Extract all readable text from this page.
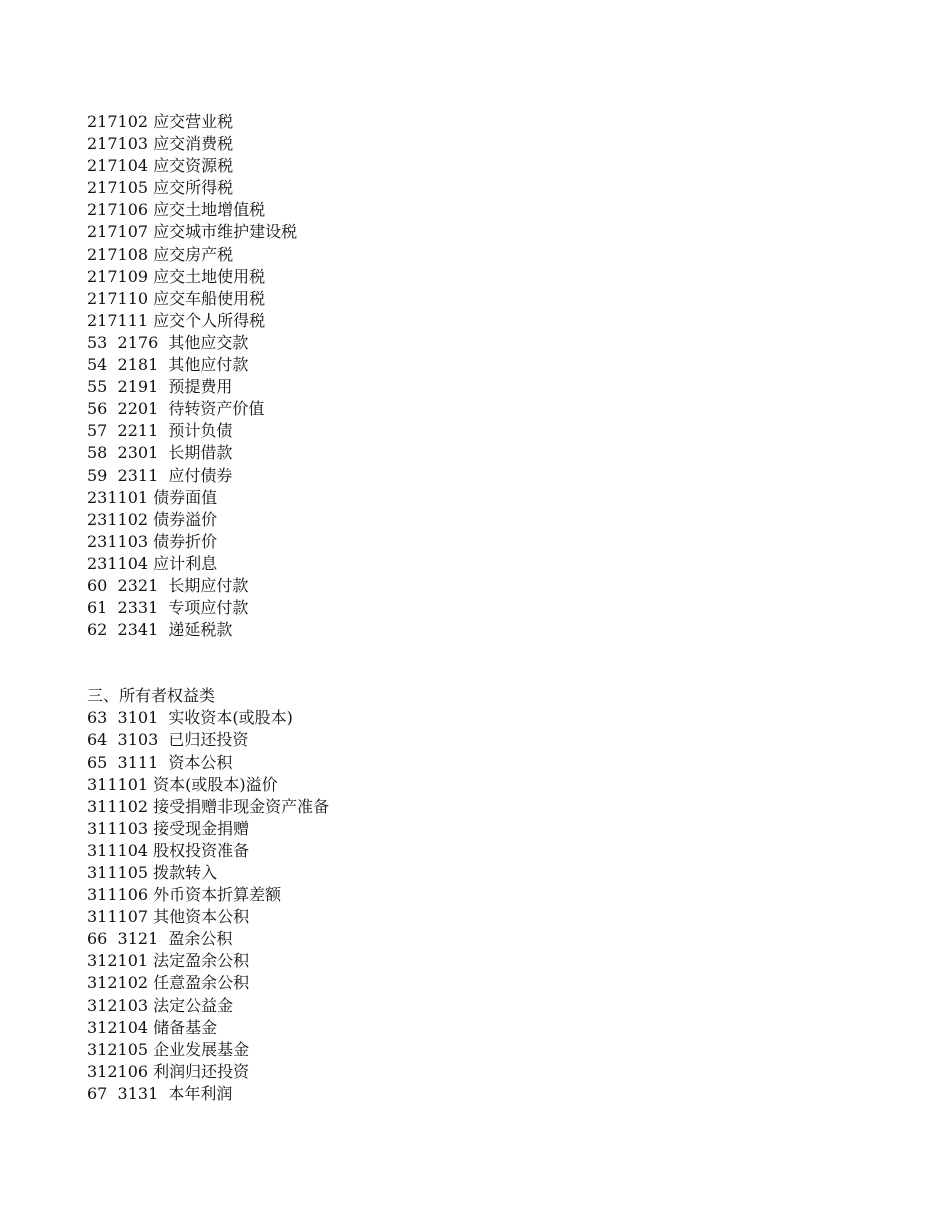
217102 应交营业税
217103 应交消费税
217104 应交资源税
217105 应交所得税
217106 应交土地增值税
217107 应交城市维护建设税
217108 应交房产税
217109 应交土地使用税
217110 应交车船使用税
217111 应交个人所得税
53  2176  其他应交款
54  2181  其他应付款
55  2191  预提费用
56  2201  待转资产价值
57  2211  预计负债
58  2301  长期借款
59  2311  应付债券
231101 债券面值
231102 债券溢价
231103 债券折价
231104 应计利息
60  2321  长期应付款
61  2331  专项应付款
62  2341  递延税款
三、所有者权益类
63  3101  实收资本(或股本)
64  3103  已归还投资
65  3111  资本公积
311101 资本(或股本)溢价
311102 接受捐赠非现金资产准备
311103 接受现金捐赠
311104 股权投资准备
311105 拨款转入
311106 外币资本折算差额
311107 其他资本公积
66  3121  盈余公积
312101 法定盈余公积
312102 任意盈余公积
312103 法定公益金
312104 储备基金
312105 企业发展基金
312106 利润归还投资
67  3131  本年利润
